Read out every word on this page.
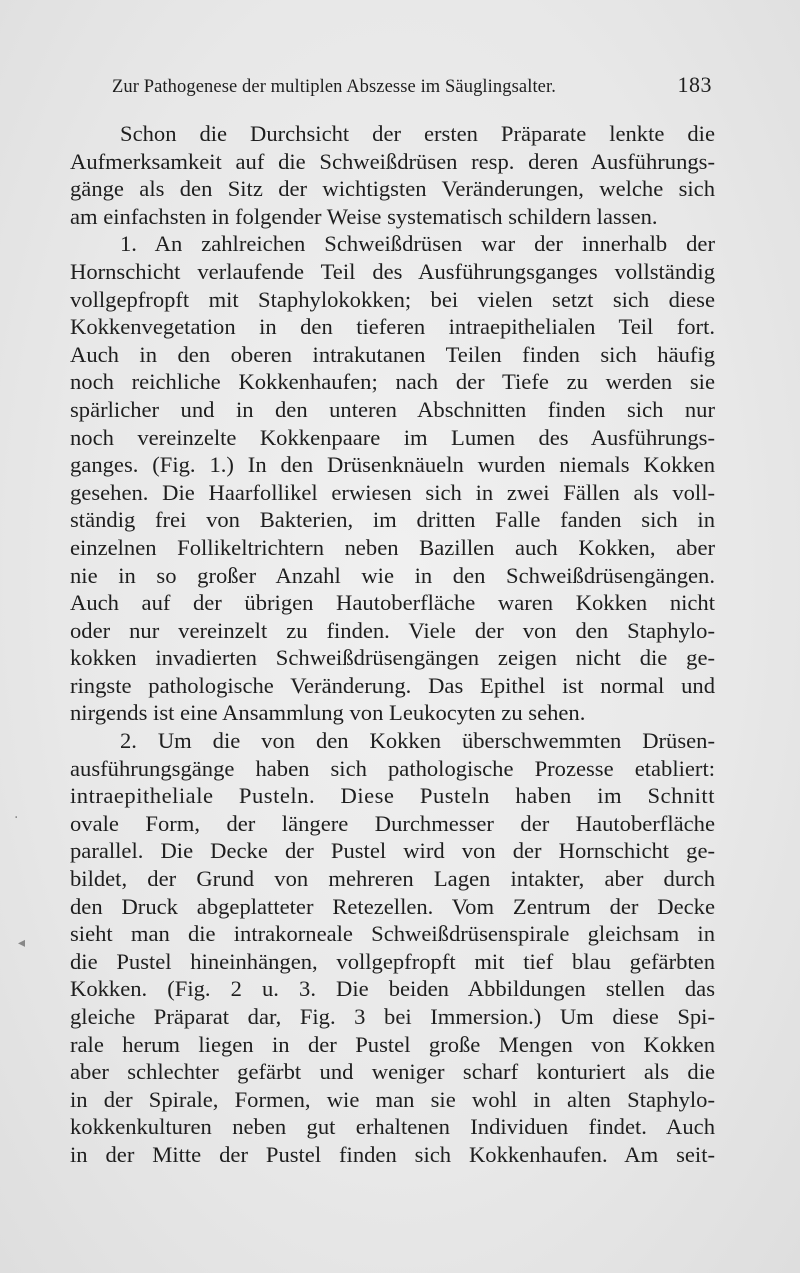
Zur Pathogenese der multiplen Abszesse im Säuglingsalter.	183
Schon die Durchsicht der ersten Präparate lenkte die
Aufmerksamkeit auf die Schweißdrüsen resp. deren Ausführungs-
gänge als den Sitz der wichtigsten Veränderungen, welche sich
am einfachsten in folgender Weise systematisch schildern lassen.
1. An zahlreichen Schweißdrüsen war der innerhalb der
Hornschicht verlaufende Teil des Ausführungsganges vollständig
vollgepfropft mit Staphylokokken; bei vielen setzt sich diese
Kokkenvegetation in den tieferen intraepithelialen Teil fort.
Auch in den oberen intrakutanen Teilen finden sich häufig
noch reichliche Kokkenhaufen; nach der Tiefe zu werden sie
spärlicher und in den unteren Abschnitten finden sich nur
noch vereinzelte Kokkenpaare im Lumen des Ausführungs-
ganges. (Fig. 1.) In den Drüsenknäueln wurden niemals Kokken
gesehen. Die Haarfollikel erwiesen sich in zwei Fällen als voll-
ständig frei von Bakterien, im dritten Falle fanden sich in
einzelnen Follikeltrichtern neben Bazillen auch Kokken, aber
nie in so großer Anzahl wie in den Schweißdrüsengängen.
Auch auf der übrigen Hautoberfläche waren Kokken nicht
oder nur vereinzelt zu finden. Viele der von den Staphylo-
kokken invadierten Schweißdrüsengängen zeigen nicht die ge-
ringste pathologische Veränderung. Das Epithel ist normal und
nirgends ist eine Ansammlung von Leukocyten zu sehen.
2. Um die von den Kokken überschwemmten Drüsen-
ausführungsgänge haben sich pathologische Prozesse etabliert:
intraepitheliale Pusteln. Diese Pusteln haben im Schnitt
ovale Form, der längere Durchmesser der Hautoberfläche
parallel. Die Decke der Pustel wird von der Hornschicht ge-
bildet, der Grund von mehreren Lagen intakter, aber durch
den Druck abgeplatteter Retezellen. Vom Zentrum der Decke
sieht man die intrakorneale Schweißdrüsenspirale gleichsam in
die Pustel hineinhängen, vollgepfropft mit tief blau gefärbten
Kokken. (Fig. 2 u. 3. Die beiden Abbildungen stellen das
gleiche Präparat dar, Fig. 3 bei Immersion.) Um diese Spi-
rale herum liegen in der Pustel große Mengen von Kokken
aber schlechter gefärbt und weniger scharf konturiert als die
in der Spirale, Formen, wie man sie wohl in alten Staphylo-
kokkenkulturen neben gut erhaltenen Individuen findet. Auch
in der Mitte der Pustel finden sich Kokkenhaufen. Am seit-
·
◂
